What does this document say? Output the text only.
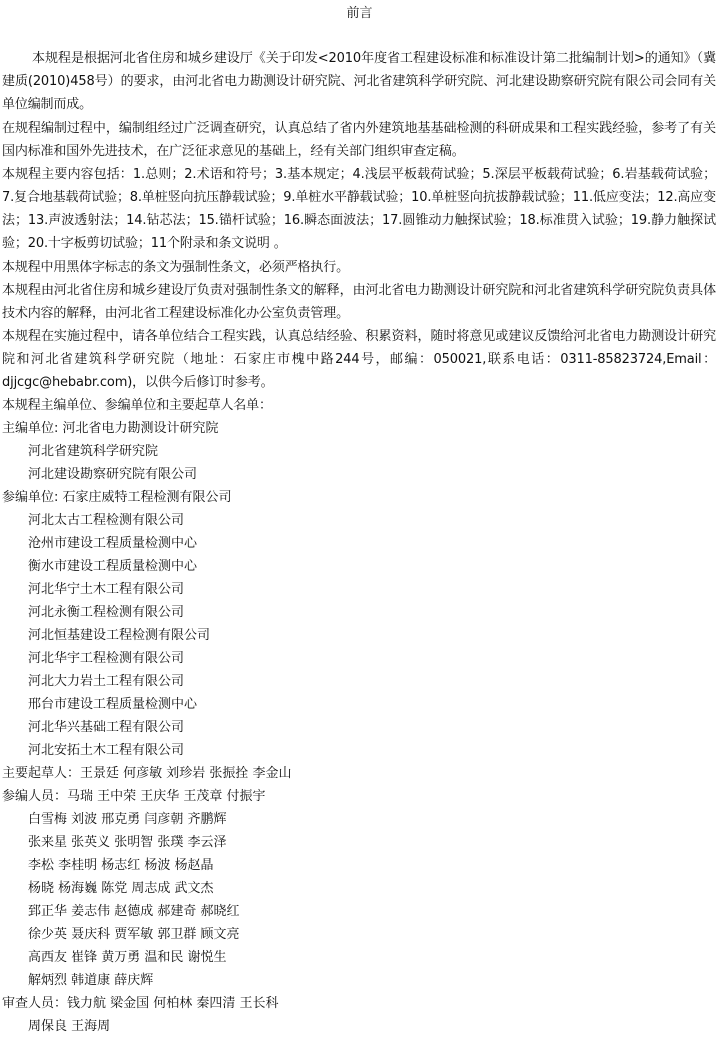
前言
本规程是根据河北省住房和城乡建设厅《关于印发<2010年度省工程建设标准和标准设计第二批编制计划>的通知》（冀建质(2010)458号）的要求，由河北省电力勘测设计研究院、河北省建筑科学研究院、河北建设勘察研究院有限公司会同有关单位编制而成。
在规程编制过程中，编制组经过广泛调查研究，认真总结了省内外建筑地基基础检测的科研成果和工程实践经验，参考了有关国内标准和国外先进技术，在广泛征求意见的基础上，经有关部门组织审查定稿。
本规程主要内容包括：1.总则；2.术语和符号；3.基本规定；4.浅层平板载荷试验；5.深层平板载荷试验；6.岩基载荷试验；7.复合地基载荷试验；8.单桩竖向抗压静载试验；9.单桩水平静载试验；10.单桩竖向抗拔静载试验；11.低应变法；12.高应变法；13.声波透射法；14.钻芯法；15.锚杆试验；16.瞬态面波法；17.圆锥动力触探试验；18.标准贯入试验；19.静力触探试验；20.十字板剪切试验；11个附录和条文说明 。
本规程中用黑体字标志的条文为强制性条文，必须严格执行。
本规程由河北省住房和城乡建设厅负责对强制性条文的解释，由河北省电力勘测设计研究院和河北省建筑科学研究院负责具体技术内容的解释，由河北省工程建设标准化办公室负责管理。
本规程在实施过程中，请各单位结合工程实践，认真总结经验、积累资料，随时将意见或建议反馈给河北省电力勘测设计研究院和河北省建筑科学研究院（地址：石家庄市槐中路244号，邮编：050021,联系电话：0311-85823724,Email：djjcgc@hebabr.com)，以供今后修订时参考。
本规程主编单位、参编单位和主要起草人名单：
主编单位: 河北省电力勘测设计研究院
河北省建筑科学研究院
河北建设勘察研究院有限公司
参编单位: 石家庄威特工程检测有限公司
河北太古工程检测有限公司
沧州市建设工程质量检测中心
衡水市建设工程质量检测中心
河北华宁土木工程有限公司
河北永衡工程检测有限公司
河北恒基建设工程检测有限公司
河北华宇工程检测有限公司
河北大力岩土工程有限公司
邢台市建设工程质量检测中心
河北华兴基础工程有限公司
河北安拓土木工程有限公司
主要起草人：王景廷 何彦敏 刘珍岩 张振拴 李金山
参编人员：马瑞 王中荣 王庆华 王茂章 付振宇
白雪梅 刘波 邢克勇 闫彦朝 齐鹏辉
张来星 张英义 张明智 张璞 李云泽
李松 李桂明 杨志红 杨波 杨赵晶
杨晓 杨海巍 陈党 周志成 武文杰
郅正华 姜志伟 赵德成 郝建奇 郝晓红
徐少英 聂庆科 贾军敏 郭卫群 顾文亮
高西友 崔锋 黄万勇 温和民 谢悦生
解炳烈 韩道康 薛庆辉
审查人员：钱力航 梁金国 何柏林 秦四清 王长科
周保良 王海周
